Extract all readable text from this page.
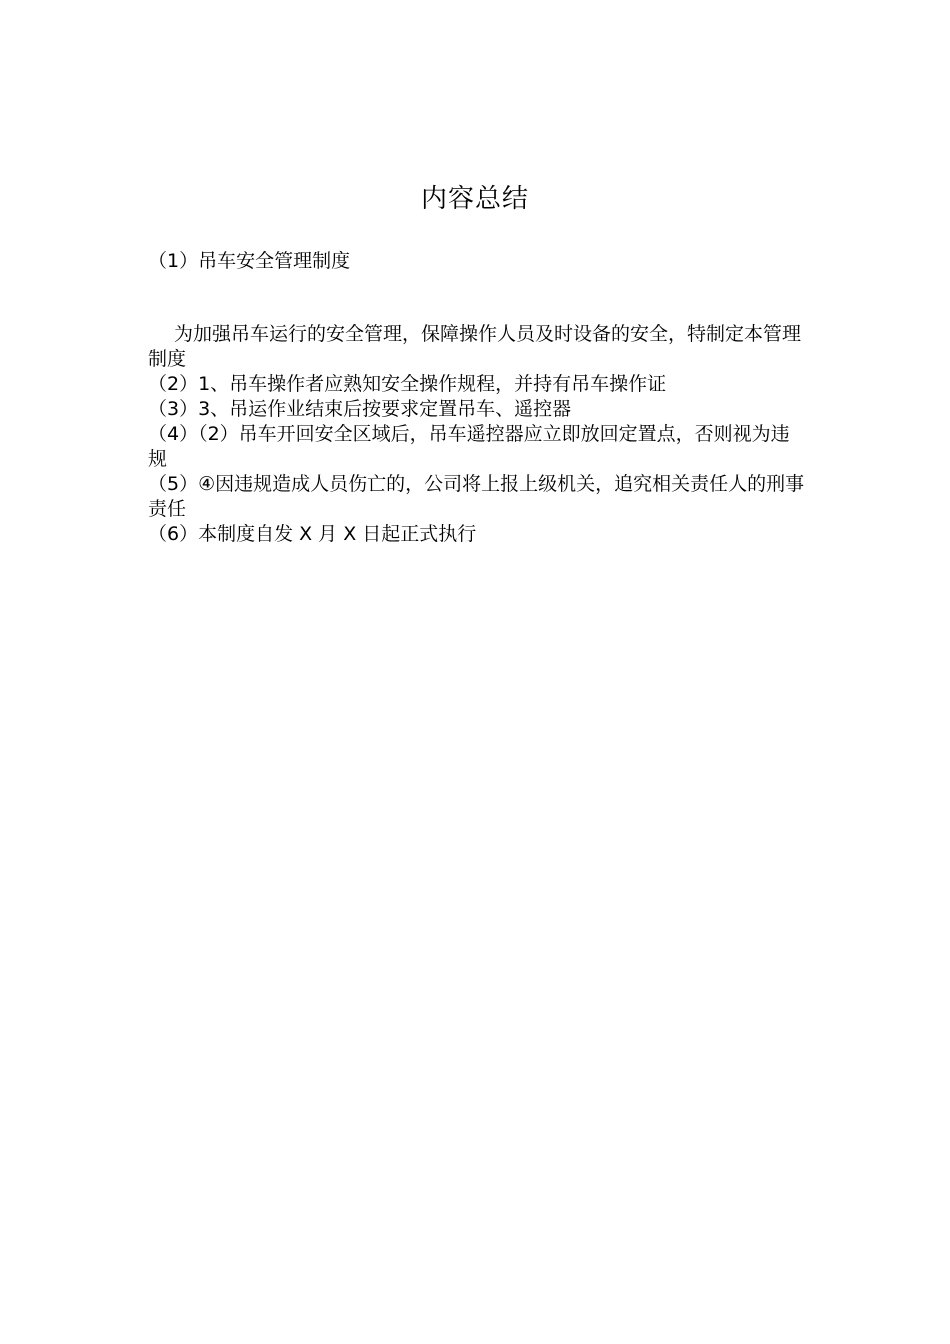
内容总结
（1）吊车安全管理制度

为加强吊车运行的安全管理，保障操作人员及时设备的安全，特制定本管理制度

（2）1、吊车操作者应熟知安全操作规程，并持有吊车操作证

（3）3、吊运作业结束后按要求定置吊车、遥控器

（4）（2）吊车开回安全区域后，吊车遥控器应立即放回定置点，否则视为违规

（5）④因违规造成人员伤亡的，公司将上报上级机关，追究相关责任人的刑事责任

（6）本制度自发 X 月 X 日起正式执行
